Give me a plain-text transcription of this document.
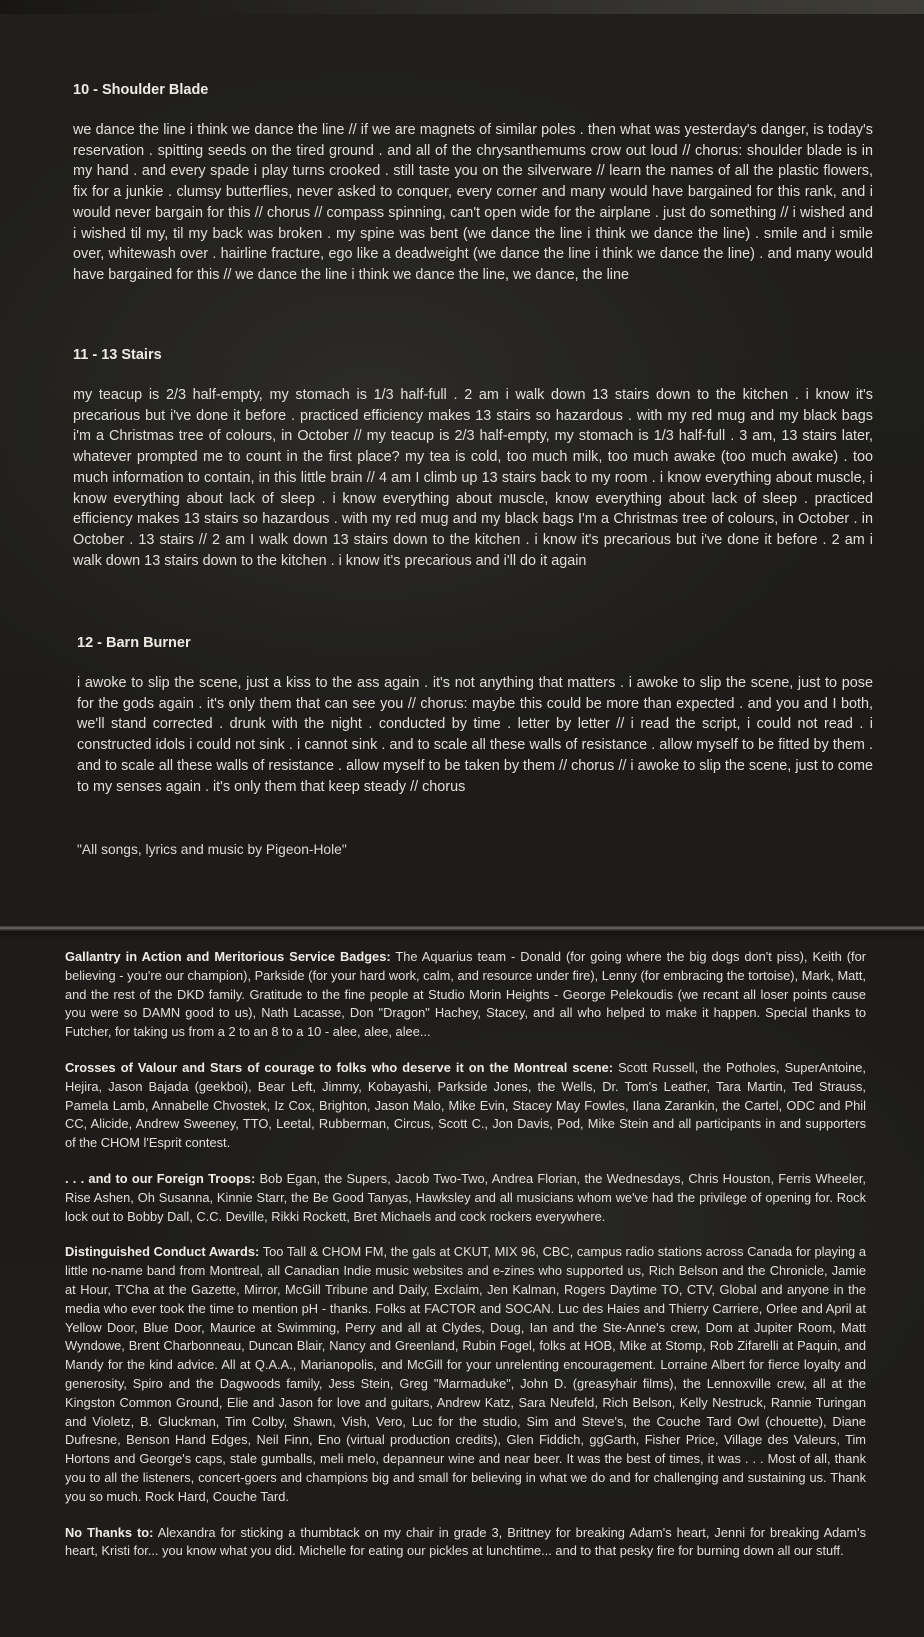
10 - Shoulder Blade

we dance the line i think we dance the line // if we are magnets of similar poles . then what was yesterday's danger, is today's reservation . spitting seeds on the tired ground . and all of the chrysanthemums crow out loud // chorus: shoulder blade is in my hand . and every spade i play turns crooked . still taste you on the silverware // learn the names of all the plastic flowers, fix for a junkie . clumsy butterflies, never asked to conquer, every corner and many would have bargained for this rank, and i would never bargain for this // chorus // compass spinning, can't open wide for the airplane . just do something // i wished and i wished til my, til my back was broken . my spine was bent (we dance the line i think we dance the line) . smile and i smile over, whitewash over . hairline fracture, ego like a deadweight (we dance the line i think we dance the line) . and many would have bargained for this // we dance the line i think we dance the line, we dance, the line

11 - 13 Stairs

my teacup is 2/3 half-empty, my stomach is 1/3 half-full . 2 am i walk down 13 stairs down to the kitchen . i know it's precarious but i've done it before . practiced efficiency makes 13 stairs so hazardous . with my red mug and my black bags i'm a Christmas tree of colours, in October // my teacup is 2/3 half-empty, my stomach is 1/3 half-full . 3 am, 13 stairs later, whatever prompted me to count in the first place? my tea is cold, too much milk, too much awake (too much awake) . too much information to contain, in this little brain // 4 am I climb up 13 stairs back to my room . i know everything about muscle, i know everything about lack of sleep . i know everything about muscle, know everything about lack of sleep . practiced efficiency makes 13 stairs so hazardous . with my red mug and my black bags I'm a Christmas tree of colours, in October . in October . 13 stairs // 2 am I walk down 13 stairs down to the kitchen . i know it's precarious but i've done it before . 2 am i walk down 13 stairs down to the kitchen . i know it's precarious and i'll do it again

12 - Barn Burner

i awoke to slip the scene, just a kiss to the ass again . it's not anything that matters . i awoke to slip the scene, just to pose for the gods again . it's only them that can see you // chorus: maybe this could be more than expected . and you and I both, we'll stand corrected . drunk with the night . conducted by time . letter by letter // i read the script, i could not read . i constructed idols i could not sink . i cannot sink . and to scale all these walls of resistance . allow myself to be fitted by them . and to scale all these walls of resistance . allow myself to be taken by them // chorus // i awoke to slip the scene, just to come to my senses again . it's only them that keep steady // chorus

"All songs, lyrics and music by Pigeon-Hole"

Gallantry in Action and Meritorious Service Badges: The Aquarius team - Donald (for going where the big dogs don't piss), Keith (for believing - you're our champion), Parkside (for your hard work, calm, and resource under fire), Lenny (for embracing the tortoise), Mark, Matt, and the rest of the DKD family. Gratitude to the fine people at Studio Morin Heights - George Pelekoudis (we recant all loser points cause you were so DAMN good to us), Nath Lacasse, Don "Dragon" Hachey, Stacey, and all who helped to make it happen. Special thanks to Futcher, for taking us from a 2 to an 8 to a 10 - alee, alee, alee...

Crosses of Valour and Stars of courage to folks who deserve it on the Montreal scene: Scott Russell, the Potholes, SuperAntoine, Hejira, Jason Bajada (geekboi), Bear Left, Jimmy, Kobayashi, Parkside Jones, the Wells, Dr. Tom's Leather, Tara Martin, Ted Strauss, Pamela Lamb, Annabelle Chvostek, Iz Cox, Brighton, Jason Malo, Mike Evin, Stacey May Fowles, Ilana Zarankin, the Cartel, ODC and Phil CC, Alicide, Andrew Sweeney, TTO, Leetal, Rubberman, Circus, Scott C., Jon Davis, Pod, Mike Stein and all participants in and supporters of the CHOM l'Esprit contest.

. . . and to our Foreign Troops: Bob Egan, the Supers, Jacob Two-Two, Andrea Florian, the Wednesdays, Chris Houston, Ferris Wheeler, Rise Ashen, Oh Susanna, Kinnie Starr, the Be Good Tanyas, Hawksley and all musicians whom we've had the privilege of opening for. Rock lock out to Bobby Dall, C.C. Deville, Rikki Rockett, Bret Michaels and cock rockers everywhere.

Distinguished Conduct Awards: Too Tall & CHOM FM, the gals at CKUT, MIX 96, CBC, campus radio stations across Canada for playing a little no-name band from Montreal, all Canadian Indie music websites and e-zines who supported us, Rich Belson and the Chronicle, Jamie at Hour, T'Cha at the Gazette, Mirror, McGill Tribune and Daily, Exclaim, Jen Kalman, Rogers Daytime TO, CTV, Global and anyone in the media who ever took the time to mention pH - thanks. Folks at FACTOR and SOCAN. Luc des Haies and Thierry Carriere, Orlee and April at Yellow Door, Blue Door, Maurice at Swimming, Perry and all at Clydes, Doug, Ian and the Ste-Anne's crew, Dom at Jupiter Room, Matt Wyndowe, Brent Charbonneau, Duncan Blair, Nancy and Greenland, Rubin Fogel, folks at HOB, Mike at Stomp, Rob Zifarelli at Paquin, and Mandy for the kind advice. All at Q.A.A., Marianopolis, and McGill for your unrelenting encouragement. Lorraine Albert for fierce loyalty and generosity, Spiro and the Dagwoods family, Jess Stein, Greg "Marmaduke", John D. (greasyhair films), the Lennoxville crew, all at the Kingston Common Ground, Elie and Jason for love and guitars, Andrew Katz, Sara Neufeld, Rich Belson, Kelly Nestruck, Rannie Turingan and Violetz, B. Gluckman, Tim Colby, Shawn, Vish, Vero, Luc for the studio, Sim and Steve's, the Couche Tard Owl (chouette), Diane Dufresne, Benson Hand Edges, Neil Finn, Eno (virtual production credits), Glen Fiddich, ggGarth, Fisher Price, Village des Valeurs, Tim Hortons and George's caps, stale gumballs, meli melo, depanneur wine and near beer. It was the best of times, it was . . . Most of all, thank you to all the listeners, concert-goers and champions big and small for believing in what we do and for challenging and sustaining us. Thank you so much. Rock Hard, Couche Tard.

No Thanks to: Alexandra for sticking a thumbtack on my chair in grade 3, Brittney for breaking Adam's heart, Jenni for breaking Adam's heart, Kristi for... you know what you did. Michelle for eating our pickles at lunchtime... and to that pesky fire for burning down all our stuff.
